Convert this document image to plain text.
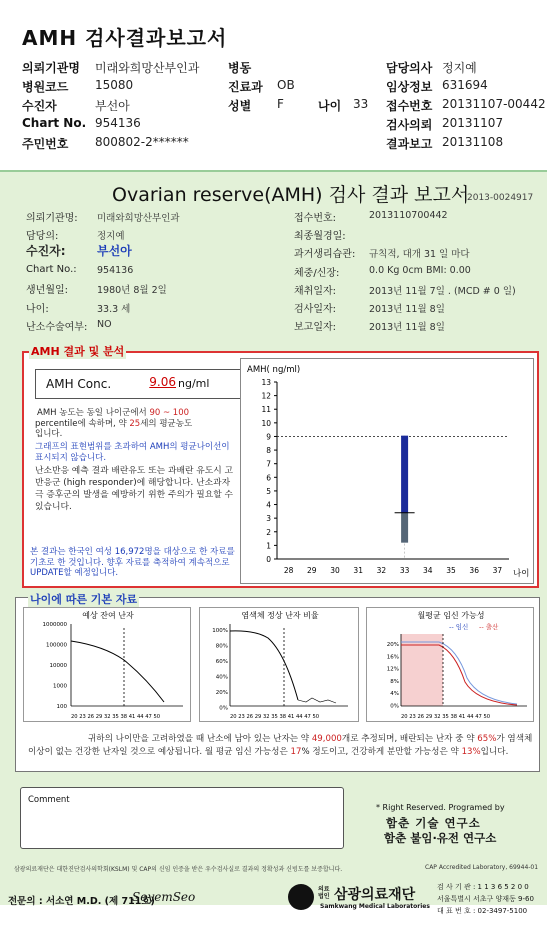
AMH 검사결과보고서
의뢰기관명 미래와희망산부인과 병동	담당의사 정지예
병원코드 15080	진료과 OB	임상정보 631694
수진자	부선아	성별 F	나이 33 접수번호 20131107-00442
Chart No. 954136	검사의뢰 20131107
주민번호 800802-2******	결과보고 20131108
Ovarian reserve(AMH) 검사 결과 보고서
2013-0024917
의뢰기관명: 미래와희망산부인과
담당의:	정지예
수진자:	부선아
Chart No.: 954136
생년월일:	1980년 8월 2일
나이:	33.3 세
난소수술여부: NO
접수번호:	2013110700442
최종월경일:
과거생리습관: 규칙적, 대개 31 일 마다
체중/신장:	0.0 Kg 0cm BMI: 0.00
채취일자:	2013년 11월 7일 . (MCD # 0 일)
검사일자:	2013년 11월 8일
보고일자:	2013년 11월 8일
AMH 결과 및 분석
AMH Conc.	9.06 ng/ml
AMH 농도는 동일 나이군에서 90 ~ 100
percentile에 속하며, 약 25세의 평균농도
입니다.
그래프의 표현범위를 초과하여 AMH의 평균나이선이 표시되지 않습니다.
난소반응 예측 결과 배란유도 또는 과배란 유도시 고반응군 (high responder)에 해당합니다. 난소과자극 증후군의 발생을 예방하기 위한 주의가 필요할 수 있습니다.
본 결과는 한국인 여성 16,972명을 대상으로 한 자료를 기초로 한 것입니다. 향후 자료를 축적하여 계속적으로 UPDATE할 예정입니다.
AMH( ng/ml)
0
1
2
3
4
5
6
7
8
9
10
11
12
13
28 29 30 31 32 33 34 35 36 37 나이
나이에 따른 기본 자료
예상 잔여 난자
1000000
100000
10000
1000
100
20 23 26 29 32 35 38 41 44 47 50
염색체 정상 난자 비율
100%
80%
60%
40%
20%
0%
20 23 26 29 32 35 38 41 44 47 50
월평균 임신 가능성
-- 임신 -- 출산
20%
16%
12%
8%
4%
0%
20 23 26 29 32 35 38 41 44 47 50
귀하의 나이만을 고려하였을 때 난소에 남아 있는 난자는 약 49,000개로 추정되며, 배란되는 난자 중 약 65%가 염색체이상이 없는 건강한 난자일 것으로 예상됩니다. 월 평균 임신 가능성은 17% 정도이고, 건강하게 분만할 가능성은 약 13%입니다.
Comment
* Right Reserved. Programed by
함춘 기술 연구소
함춘 불임·유전 연구소
삼광의료재단은 대한진단검사의학회(KSLM) 및 CAP의 신임 인증을 받은 우수검사실로 결과의 정확성과 신빙도를 보증합니다.	CAP Accredited Laboratory, 69944-01
전문의 : 서소연 M.D. (제 711호)
SoyemSeo
의료법인 삼광의료재단
Samkwang Medical Laboratories
검 사 기 관 : 1 1 3 6 5 2 0 0
서울특별시 서초구 양재동 9-60
대 표 번 호 : 02-3497-5100
